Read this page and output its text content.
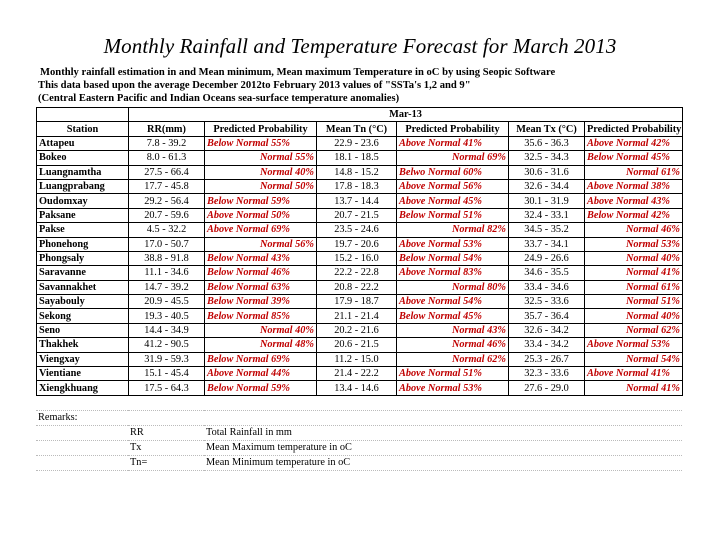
Monthly Rainfall and Temperature Forecast for March 2013
Monthly rainfall estimation in and Mean minimum, Mean maximum Temperature in oC by using Seopic Software
This data based upon the average December 2012to February 2013 values of "SSTa's 1,2 and 9"
(Central Eastern Pacific and Indian Oceans sea-surface temperature anomalies)
	Mar-13					
Station	RR(mm)	Predicted Probability	Mean Tn (°C)	Predicted Probability	Mean Tx (°C)	Predicted Probability
Attapeu	7.8 - 39.2	Below Normal 55%	22.9 - 23.6	Above Normal 41%	35.6 - 36.3	Above Normal 42%
Bokeo	8.0 - 61.3	Normal 55%	18.1 - 18.5	Normal 69%	32.5 - 34.3	Below Normal 45%
Luangnamtha	27.5 - 66.4	Normal 40%	14.8 - 15.2	Belwo Normal 60%	30.6 - 31.6	Normal 61%
Luangprabang	17.7 - 45.8	Normal 50%	17.8 - 18.3	Above Normal 56%	32.6 - 34.4	Above Normal 38%
Oudomxay	29.2 - 56.4	Below Normal 59%	13.7 - 14.4	Above Normal 45%	30.1 - 31.9	Above Normal 43%
Paksane	20.7 - 59.6	Above Normal 50%	20.7 - 21.5	Below Normal 51%	32.4 - 33.1	Below Normal 42%
Pakse	4.5 - 32.2	Above Normal 69%	23.5 - 24.6	Normal 82%	34.5 - 35.2	Normal 46%
Phonehong	17.0 - 50.7	Normal 56%	19.7 - 20.6	Above Normal 53%	33.7 - 34.1	Normal 53%
Phongsaly	38.8 - 91.8	Below Normal 43%	15.2 - 16.0	Below Normal 54%	24.9 - 26.6	Normal 40%
Saravanne	11.1 - 34.6	Below Normal 46%	22.2 - 22.8	Above Normal 83%	34.6 - 35.5	Normal 41%
Savannakhet	14.7 - 39.2	Below Normal 63%	20.8 - 22.2	Normal 80%	33.4 - 34.6	Normal 61%
Sayabouly	20.9 - 45.5	Below Normal 39%	17.9 - 18.7	Above Normal 54%	32.5 - 33.6	Normal 51%
Sekong	19.3 - 40.5	Below Normal 85%	21.1 - 21.4	Below Normal 45%	35.7 - 36.4	Normal 40%
Seno	14.4 - 34.9	Normal 40%	20.2 - 21.6	Normal 43%	32.6 - 34.2	Normal 62%
Thakhek	41.2 - 90.5	Normal 48%	20.6 - 21.5	Normal 46%	33.4 - 34.2	Above Normal 53%
Viengxay	31.9 - 59.3	Below Normal 69%	11.2 - 15.0	Normal 62%	25.3 - 26.7	Normal 54%
Vientiane	15.1 - 45.4	Above Normal 44%	21.4 - 22.2	Above Normal 51%	32.3 - 33.6	Above Normal 41%
Xiengkhuang	17.5 - 64.3	Below Normal 59%	13.4 - 14.6	Above Normal 53%	27.6 - 29.0	Normal 41%

Remarks:		
	RR	Total Rainfall in mm
	Tx	Mean Maximum temperature in oC
	Tn=	Mean Minimum temperature in oC
